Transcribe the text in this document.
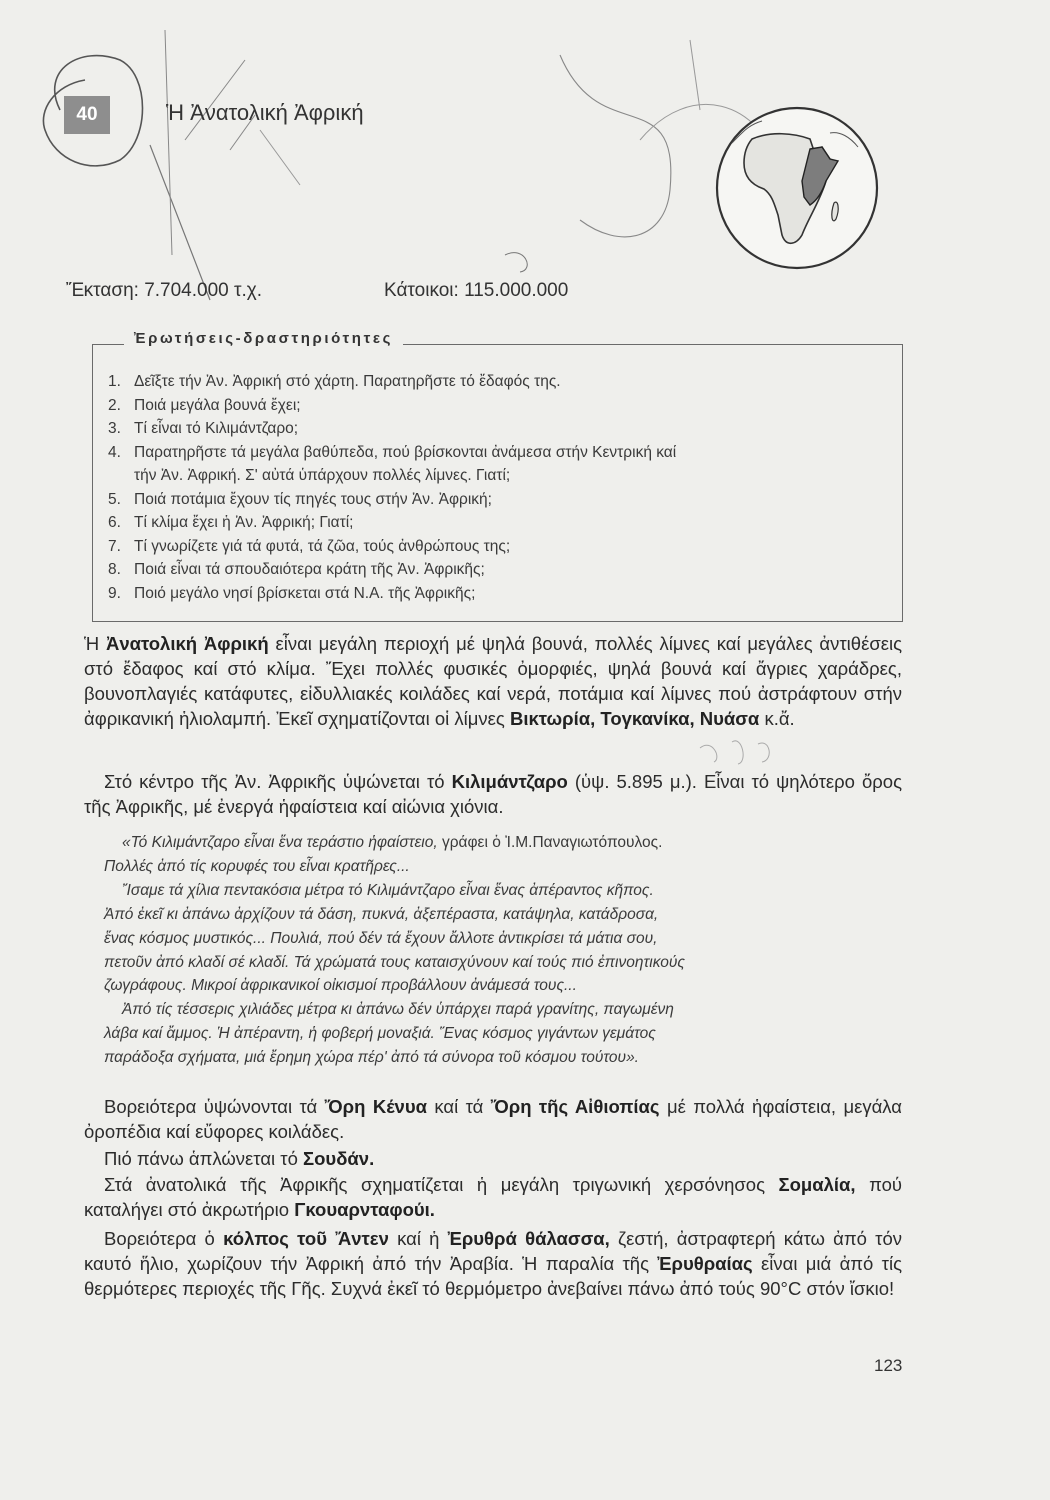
40	Ἡ Ἀνατολική Ἀφρική
Ἔκταση: 7.704.000 τ.χ.	Κάτοικοι: 115.000.000
Ἐρωτήσεις-δραστηριότητες
1. Δεῖξτε τήν Ἀν. Ἀφρική στό χάρτη. Παρατηρῆστε τό ἔδαφός της.
2. Ποιά μεγάλα βουνά ἔχει;
3. Τί εἶναι τό Κιλιμάντζαρο;
4. Παρατηρῆστε τά μεγάλα βαθύπεδα, πού βρίσκονται ἀνάμεσα στήν Κεντρική καί
τήν Ἀν. Ἀφρική. Σ' αὐτά ὑπάρχουν πολλές λίμνες. Γιατί;
5. Ποιά ποτάμια ἔχουν τίς πηγές τους στήν Ἀν. Ἀφρική;
6. Τί κλίμα ἔχει ἡ Ἀν. Ἀφρική; Γιατί;
7. Τί γνωρίζετε γιά τά φυτά, τά ζῶα, τούς ἀνθρώπους της;
8. Ποιά εἶναι τά σπουδαιότερα κράτη τῆς Ἀν. Ἀφρικῆς;
9. Ποιό μεγάλο νησί βρίσκεται στά Ν.Α. τῆς Ἀφρικῆς;
Ἡ Ἀνατολική Ἀφρική εἶναι μεγάλη περιοχή μέ ψηλά βουνά, πολλές λίμνες καί μεγάλες ἀντιθέσεις στό ἔδαφος καί στό κλίμα. Ἔχει πολλές φυσικές ὀμορφιές, ψηλά βουνά καί ἄγριες χαράδρες, βουνοπλαγιές κατάφυτες, εἰδυλλιακές κοιλάδες καί νερά, ποτάμια καί λίμνες πού ἀστράφτουν στήν ἀφρικανική ἡλιολαμπή. Ἐκεῖ σχηματίζονται οἱ λίμνες Βικτωρία, Τογκανίκα, Νυάσα κ.ἄ.
Στό κέντρο τῆς Ἀν. Ἀφρικῆς ὑψώνεται τό Κιλιμάντζαρο (ὑψ. 5.895 μ.). Εἶναι τό ψηλότερο ὄρος τῆς Ἀφρικῆς, μέ ἐνεργά ἡφαίστεια καί αἰώνια χιόνια.

«Τό Κιλιμάντζαρο εἶναι ἕνα τεράστιο ἡφαίστειο, γράφει ὁ Ἰ.Μ.Παναγιωτόπουλος.

Πολλές ἀπό τίς κορυφές του εἶναι κρατῆρες...

Ἴσαμε τά χίλια πεντακόσια μέτρα τό Κιλιμάντζαρο εἶναι ἕνας ἀπέραντος κῆπος.

Ἀπό ἐκεῖ κι ἀπάνω ἀρχίζουν τά δάση, πυκνά, ἀξεπέραστα, κατάψηλα, κατάδροσα,

ἕνας κόσμος μυστικός... Πουλιά, πού δέν τά ἔχουν ἄλλοτε ἀντικρίσει τά μάτια σου,

πετοῦν ἀπό κλαδί σέ κλαδί. Τά χρώματά τους καταισχύνουν καί τούς πιό ἐπινοητικούς

ζωγράφους. Μικροί ἀφρικανικοί οἰκισμοί προβάλλουν ἀνάμεσά τους...

Ἀπό τίς τέσσερις χιλιάδες μέτρα κι ἀπάνω δέν ὑπάρχει παρά γρανίτης, παγωμένη

λάβα καί ἄμμος. Ἡ ἀπέραντη, ἡ φοβερή μοναξιά. Ἕνας κόσμος γιγάντων γεμάτος

παράδοξα σχήματα, μιά ἔρημη χώρα πέρ' ἀπό τά σύνορα τοῦ κόσμου τούτου».

Βορειότερα ὑψώνονται τά Ὄρη Κένυα καί τά Ὄρη τῆς Αἰθιοπίας μέ πολλά ἡφαίστεια, μεγάλα ὀροπέδια καί εὔφορες κοιλάδες.
Πιό πάνω ἁπλώνεται τό Σουδάν.
Στά ἀνατολικά τῆς Ἀφρικῆς σχηματίζεται ἡ μεγάλη τριγωνική χερσόνησος Σομαλία, πού καταλήγει στό ἀκρωτήριο Γκουαρνταφούι.
Βορειότερα ὁ κόλπος τοῦ Ἄντεν καί ἡ Ἐρυθρά θάλασσα, ζεστή, ἀστραφτερή κάτω ἀπό τόν καυτό ἥλιο, χωρίζουν τήν Ἀφρική ἀπό τήν Ἀραβία. Ἡ παραλία τῆς Ἐρυθραίας εἶναι μιά ἀπό τίς θερμότερες περιοχές τῆς Γῆς. Συχνά ἐκεῖ τό θερμόμετρο ἀνεβαίνει πάνω ἀπό τούς 90°C στόν ἴσκιο!
123
